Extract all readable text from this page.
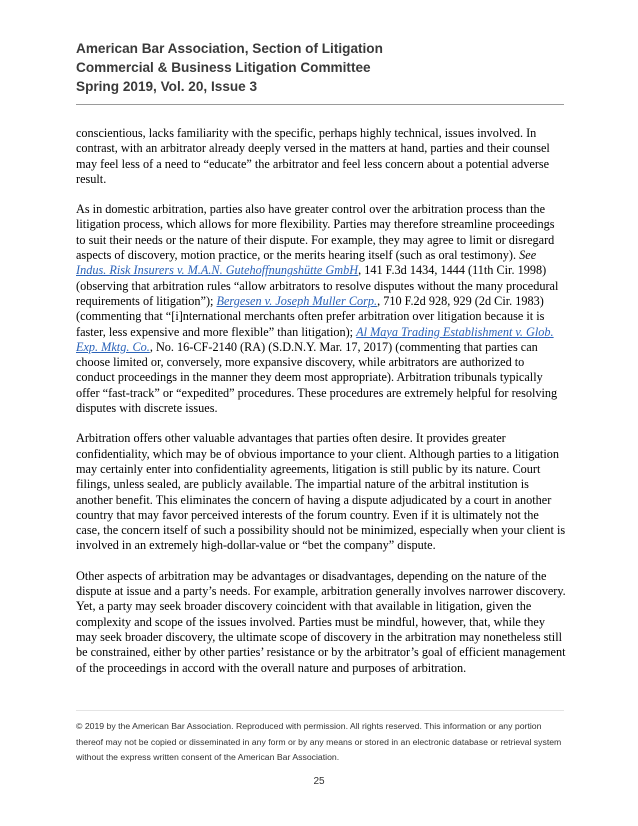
American Bar Association, Section of Litigation
Commercial & Business Litigation Committee
Spring 2019, Vol. 20, Issue 3

conscientious, lacks familiarity with the specific, perhaps highly technical, issues involved. In contrast, with an arbitrator already deeply versed in the matters at hand, parties and their counsel may feel less of a need to “educate” the arbitrator and feel less concern about a potential adverse result.

As in domestic arbitration, parties also have greater control over the arbitration process than the litigation process, which allows for more flexibility. Parties may therefore streamline proceedings to suit their needs or the nature of their dispute. For example, they may agree to limit or disregard aspects of discovery, motion practice, or the merits hearing itself (such as oral testimony). See Indus. Risk Insurers v. M.A.N. Gutehoffnungshütte GmbH, 141 F.3d 1434, 1444 (11th Cir. 1998) (observing that arbitration rules “allow arbitrators to resolve disputes without the many procedural requirements of litigation”); Bergesen v. Joseph Muller Corp., 710 F.2d 928, 929 (2d Cir. 1983) (commenting that “[i]nternational merchants often prefer arbitration over litigation because it is faster, less expensive and more flexible” than litigation); Al Maya Trading Establishment v. Glob. Exp. Mktg. Co., No. 16-CF-2140 (RA) (S.D.N.Y. Mar. 17, 2017) (commenting that parties can choose limited or, conversely, more expansive discovery, while arbitrators are authorized to conduct proceedings in the manner they deem most appropriate). Arbitration tribunals typically offer “fast-track” or “expedited” procedures. These procedures are extremely helpful for resolving disputes with discrete issues.

Arbitration offers other valuable advantages that parties often desire. It provides greater confidentiality, which may be of obvious importance to your client. Although parties to a litigation may certainly enter into confidentiality agreements, litigation is still public by its nature. Court filings, unless sealed, are publicly available. The impartial nature of the arbitral institution is another benefit. This eliminates the concern of having a dispute adjudicated by a court in another country that may favor perceived interests of the forum country. Even if it is ultimately not the case, the concern itself of such a possibility should not be minimized, especially when your client is involved in an extremely high-dollar-value or “bet the company” dispute.

Other aspects of arbitration may be advantages or disadvantages, depending on the nature of the dispute at issue and a party’s needs. For example, arbitration generally involves narrower discovery. Yet, a party may seek broader discovery coincident with that available in litigation, given the complexity and scope of the issues involved. Parties must be mindful, however, that, while they may seek broader discovery, the ultimate scope of discovery in the arbitration may nonetheless still be constrained, either by other parties’ resistance or by the arbitrator’s goal of efficient management of the proceedings in accord with the overall nature and purposes of arbitration.

© 2019 by the American Bar Association. Reproduced with permission. All rights reserved. This information or any portion thereof may not be copied or disseminated in any form or by any means or stored in an electronic database or retrieval system without the express written consent of the American Bar Association.
25
